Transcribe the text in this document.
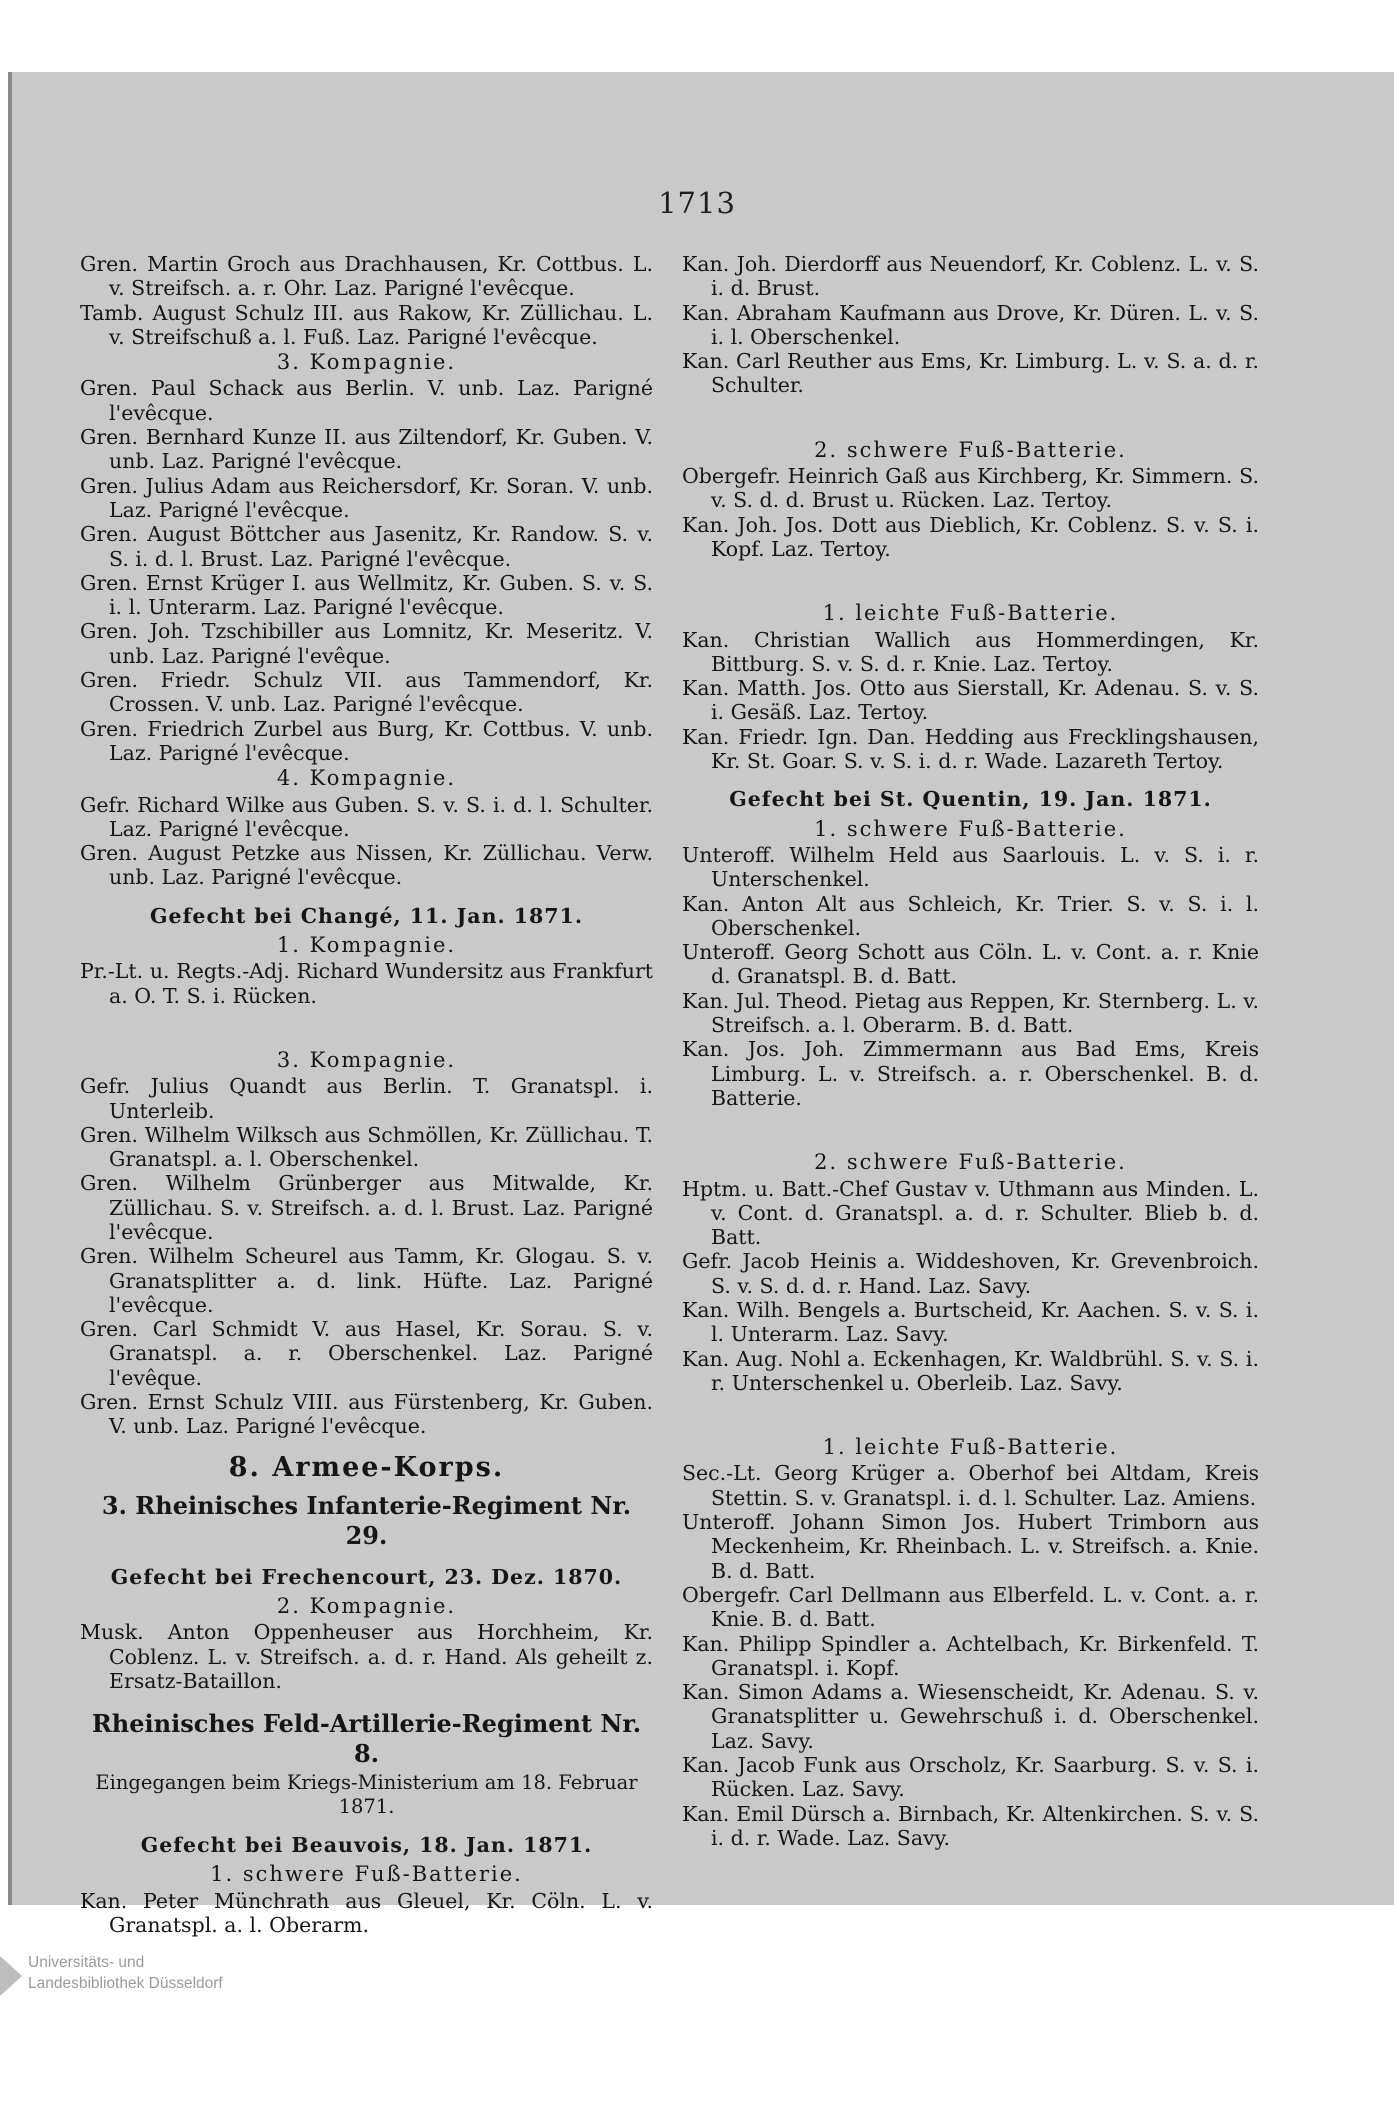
1713

Gren. Martin Groch aus Drachhausen, Kr. Cottbus. L. v. Streifsch. a. r. Ohr. Laz. Parigné l'evêcque.

Tamb. August Schulz III. aus Rakow, Kr. Züllichau. L. v. Streifschuß a. l. Fuß. Laz. Parigné l'evêcque.

3. Kompagnie.

Gren. Paul Schack aus Berlin. V. unb. Laz. Parigné l'evêcque.

Gren. Bernhard Kunze II. aus Ziltendorf, Kr. Guben. V. unb. Laz. Parigné l'evêcque.

Gren. Julius Adam aus Reichersdorf, Kr. Soran. V. unb. Laz. Parigné l'evêcque.

Gren. August Böttcher aus Jasenitz, Kr. Randow. S. v. S. i. d. l. Brust. Laz. Parigné l'evêcque.

Gren. Ernst Krüger I. aus Wellmitz, Kr. Guben. S. v. S. i. l. Unterarm. Laz. Parigné l'evêcque.

Gren. Joh. Tzschibiller aus Lomnitz, Kr. Meseritz. V. unb. Laz. Parigné l'evêque.

Gren. Friedr. Schulz VII. aus Tammendorf, Kr. Crossen. V. unb. Laz. Parigné l'evêcque.

Gren. Friedrich Zurbel aus Burg, Kr. Cottbus. V. unb. Laz. Parigné l'evêcque.

4. Kompagnie.

Gefr. Richard Wilke aus Guben. S. v. S. i. d. l. Schulter. Laz. Parigné l'evêcque.

Gren. August Petzke aus Nissen, Kr. Züllichau. Verw. unb. Laz. Parigné l'evêcque.

Gefecht bei Changé, 11. Jan. 1871.

1. Kompagnie.

Pr.-Lt. u. Regts.-Adj. Richard Wundersitz aus Frankfurt a. O. T. S. i. Rücken.

3. Kompagnie.

Gefr. Julius Quandt aus Berlin. T. Granatspl. i. Unterleib.

Gren. Wilhelm Wilksch aus Schmöllen, Kr. Züllichau. T. Granatspl. a. l. Oberschenkel.

Gren. Wilhelm Grünberger aus Mitwalde, Kr. Züllichau. S. v. Streifsch. a. d. l. Brust. Laz. Parigné l'evêcque.

Gren. Wilhelm Scheurel aus Tamm, Kr. Glogau. S. v. Granatsplitter a. d. link. Hüfte. Laz. Parigné l'evêcque.

Gren. Carl Schmidt V. aus Hasel, Kr. Sorau. S. v. Granatspl. a. r. Oberschenkel. Laz. Parigné l'evêque.

Gren. Ernst Schulz VIII. aus Fürstenberg, Kr. Guben. V. unb. Laz. Parigné l'evêcque.

8. Armee-Korps.

3. Rheinisches Infanterie-Regiment Nr. 29.

Gefecht bei Frechencourt, 23. Dez. 1870.

2. Kompagnie.

Musk. Anton Oppenheuser aus Horchheim, Kr. Coblenz. L. v. Streifsch. a. d. r. Hand. Als geheilt z. Ersatz-Bataillon.

Rheinisches Feld-Artillerie-Regiment Nr. 8.

Eingegangen beim Kriegs-Ministerium am 18. Februar 1871.

Gefecht bei Beauvois, 18. Jan. 1871.

1. schwere Fuß-Batterie.

Kan. Peter Münchrath aus Gleuel, Kr. Cöln. L. v. Granatspl. a. l. Oberarm.

Kan. Joh. Dierdorff aus Neuendorf, Kr. Coblenz. L. v. S. i. d. Brust.

Kan. Abraham Kaufmann aus Drove, Kr. Düren. L. v. S. i. l. Oberschenkel.

Kan. Carl Reuther aus Ems, Kr. Limburg. L. v. S. a. d. r. Schulter.

2. schwere Fuß-Batterie.

Obergefr. Heinrich Gaß aus Kirchberg, Kr. Simmern. S. v. S. d. d. Brust u. Rücken. Laz. Tertoy.

Kan. Joh. Jos. Dott aus Dieblich, Kr. Coblenz. S. v. S. i. Kopf. Laz. Tertoy.

1. leichte Fuß-Batterie.

Kan. Christian Wallich aus Hommerdingen, Kr. Bittburg. S. v. S. d. r. Knie. Laz. Tertoy.

Kan. Matth. Jos. Otto aus Sierstall, Kr. Adenau. S. v. S. i. Gesäß. Laz. Tertoy.

Kan. Friedr. Ign. Dan. Hedding aus Frecklingshausen, Kr. St. Goar. S. v. S. i. d. r. Wade. Lazareth Tertoy.

Gefecht bei St. Quentin, 19. Jan. 1871.

1. schwere Fuß-Batterie.

Unteroff. Wilhelm Held aus Saarlouis. L. v. S. i. r. Unterschenkel.

Kan. Anton Alt aus Schleich, Kr. Trier. S. v. S. i. l. Oberschenkel.

Unteroff. Georg Schott aus Cöln. L. v. Cont. a. r. Knie d. Granatspl. B. d. Batt.

Kan. Jul. Theod. Pietag aus Reppen, Kr. Sternberg. L. v. Streifsch. a. l. Oberarm. B. d. Batt.

Kan. Jos. Joh. Zimmermann aus Bad Ems, Kreis Limburg. L. v. Streifsch. a. r. Oberschenkel. B. d. Batterie.

2. schwere Fuß-Batterie.

Hptm. u. Batt.-Chef Gustav v. Uthmann aus Minden. L. v. Cont. d. Granatspl. a. d. r. Schulter. Blieb b. d. Batt.

Gefr. Jacob Heinis a. Widdeshoven, Kr. Grevenbroich. S. v. S. d. d. r. Hand. Laz. Savy.

Kan. Wilh. Bengels a. Burtscheid, Kr. Aachen. S. v. S. i. l. Unterarm. Laz. Savy.

Kan. Aug. Nohl a. Eckenhagen, Kr. Waldbrühl. S. v. S. i. r. Unterschenkel u. Oberleib. Laz. Savy.

1. leichte Fuß-Batterie.

Sec.-Lt. Georg Krüger a. Oberhof bei Altdam, Kreis Stettin. S. v. Granatspl. i. d. l. Schulter. Laz. Amiens.

Unteroff. Johann Simon Jos. Hubert Trimborn aus Meckenheim, Kr. Rheinbach. L. v. Streifsch. a. Knie. B. d. Batt.

Obergefr. Carl Dellmann aus Elberfeld. L. v. Cont. a. r. Knie. B. d. Batt.

Kan. Philipp Spindler a. Achtelbach, Kr. Birkenfeld. T. Granatspl. i. Kopf.

Kan. Simon Adams a. Wiesenscheidt, Kr. Adenau. S. v. Granatsplitter u. Gewehrschuß i. d. Oberschenkel. Laz. Savy.

Kan. Jacob Funk aus Orscholz, Kr. Saarburg. S. v. S. i. Rücken. Laz. Savy.

Kan. Emil Dürsch a. Birnbach, Kr. Altenkirchen. S. v. S. i. d. r. Wade. Laz. Savy.

Universitäts- und
Landesbibliothek Düsseldorf
